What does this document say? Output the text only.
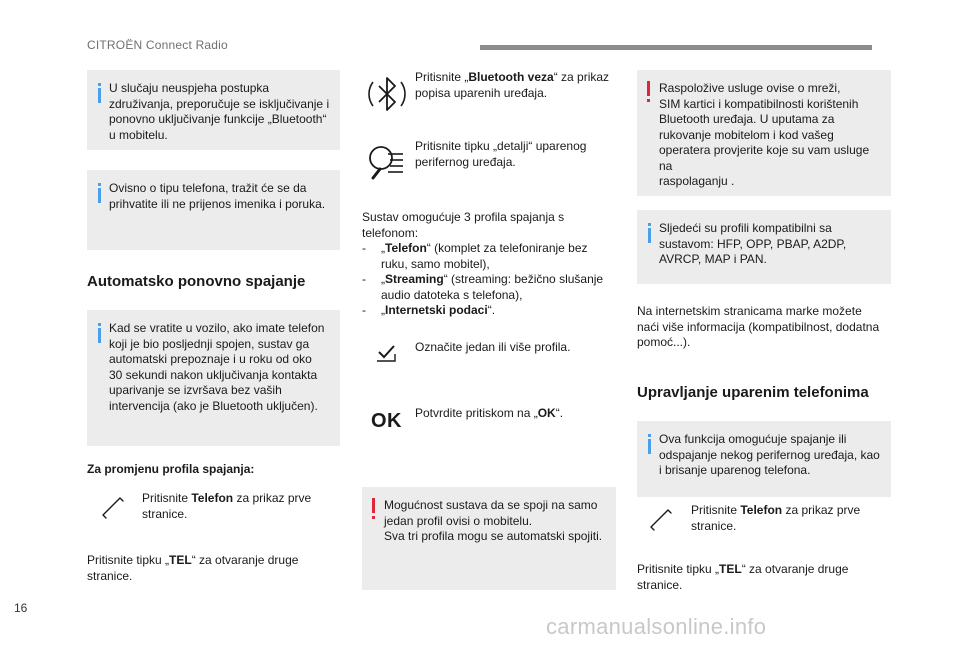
CITROËN Connect Radio
U slučaju neuspjeha postupka
združivanja, preporučuje se isključivanje i
ponovno uključivanje funkcije „Bluetooth“
u mobitelu.
Ovisno o tipu telefona, tražit će se da
prihvatite ili ne prijenos imenika i poruka.
Automatsko ponovno spajanje
Kad se vratite u vozilo, ako imate telefon
koji je bio posljednji spojen, sustav ga
automatski prepoznaje i u roku od oko
30 sekundi nakon uključivanja kontakta
uparivanje se izvršava bez vaših
intervencija (ako je Bluetooth uključen).
Za promjenu profila spajanja:
Pritisnite Telefon za prikaz prve
stranice.
Pritisnite tipku „TEL“ za otvaranje druge
stranice.
Pritisnite „Bluetooth veza“ za prikaz
popisa uparenih uređaja.
Pritisnite tipku „detalji“ uparenog
perifernog uređaja.
Sustav omogućuje 3 profila spajanja s
telefonom:
- „Telefon“ (komplet za telefoniranje bez
ruku, samo mobitel),
- „Streaming“ (streaming: bežično slušanje
audio datoteka s telefona),
- „Internetski podaci“.
Označite jedan ili više profila.
OK Potvrdite pritiskom na „OK“.
Mogućnost sustava da se spoji na samo
jedan profil ovisi o mobitelu.
Sva tri profila mogu se automatski spojiti.
Raspoložive usluge ovise o mreži,
SIM kartici i kompatibilnosti korištenih
Bluetooth uređaja. U uputama za
rukovanje mobitelom i kod vašeg
operatera provjerite koje su vam usluge na
raspolaganju .
Sljedeći su profili kompatibilni sa
sustavom: HFP, OPP, PBAP, A2DP,
AVRCP, MAP i PAN.
Na internetskim stranicama marke možete
naći više informacija (kompatibilnost, dodatna
pomoć...).
Upravljanje uparenim telefonima
Ova funkcija omogućuje spajanje ili
odspajanje nekog perifernog uređaja, kao
i brisanje uparenog telefona.
Pritisnite Telefon za prikaz prve
stranice.
Pritisnite tipku „TEL“ za otvaranje druge
stranice.
16
carmanualsonline.info
